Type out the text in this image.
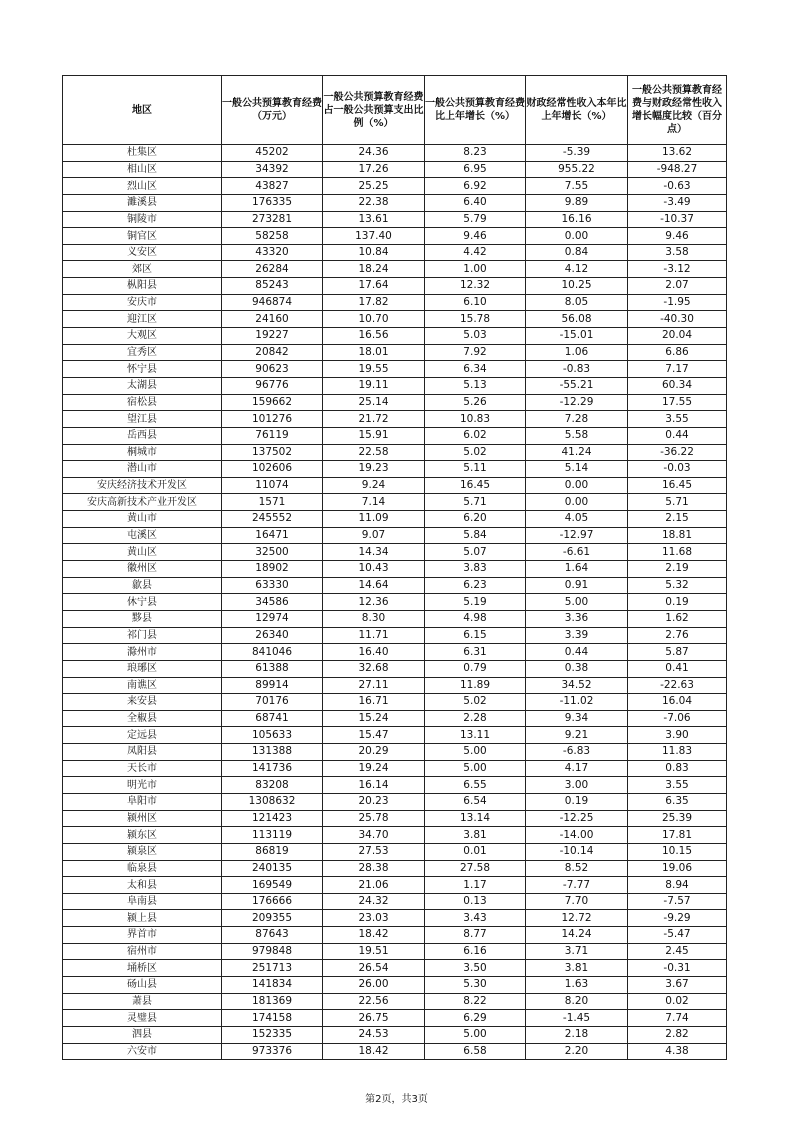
地区	一般公共预算教育经费（万元）	一般公共预算教育经费占一般公共预算支出比例（%）	一般公共预算教育经费比上年增长（%）	财政经常性收入本年比上年增长（%）	一般公共预算教育经费与财政经常性收入增长幅度比较（百分点）
杜集区	45202	24.36	8.23	-5.39	13.62
相山区	34392	17.26	6.95	955.22	-948.27
烈山区	43827	25.25	6.92	7.55	-0.63
濉溪县	176335	22.38	6.40	9.89	-3.49
铜陵市	273281	13.61	5.79	16.16	-10.37
铜官区	58258	137.40	9.46	0.00	9.46
义安区	43320	10.84	4.42	0.84	3.58
郊区	26284	18.24	1.00	4.12	-3.12
枞阳县	85243	17.64	12.32	10.25	2.07
安庆市	946874	17.82	6.10	8.05	-1.95
迎江区	24160	10.70	15.78	56.08	-40.30
大观区	19227	16.56	5.03	-15.01	20.04
宜秀区	20842	18.01	7.92	1.06	6.86
怀宁县	90623	19.55	6.34	-0.83	7.17
太湖县	96776	19.11	5.13	-55.21	60.34
宿松县	159662	25.14	5.26	-12.29	17.55
望江县	101276	21.72	10.83	7.28	3.55
岳西县	76119	15.91	6.02	5.58	0.44
桐城市	137502	22.58	5.02	41.24	-36.22
潜山市	102606	19.23	5.11	5.14	-0.03
安庆经济技术开发区	11074	9.24	16.45	0.00	16.45
安庆高新技术产业开发区	1571	7.14	5.71	0.00	5.71
黄山市	245552	11.09	6.20	4.05	2.15
屯溪区	16471	9.07	5.84	-12.97	18.81
黄山区	32500	14.34	5.07	-6.61	11.68
徽州区	18902	10.43	3.83	1.64	2.19
歙县	63330	14.64	6.23	0.91	5.32
休宁县	34586	12.36	5.19	5.00	0.19
黟县	12974	8.30	4.98	3.36	1.62
祁门县	26340	11.71	6.15	3.39	2.76
滁州市	841046	16.40	6.31	0.44	5.87
琅琊区	61388	32.68	0.79	0.38	0.41
南谯区	89914	27.11	11.89	34.52	-22.63
来安县	70176	16.71	5.02	-11.02	16.04
全椒县	68741	15.24	2.28	9.34	-7.06
定远县	105633	15.47	13.11	9.21	3.90
凤阳县	131388	20.29	5.00	-6.83	11.83
天长市	141736	19.24	5.00	4.17	0.83
明光市	83208	16.14	6.55	3.00	3.55
阜阳市	1308632	20.23	6.54	0.19	6.35
颍州区	121423	25.78	13.14	-12.25	25.39
颍东区	113119	34.70	3.81	-14.00	17.81
颍泉区	86819	27.53	0.01	-10.14	10.15
临泉县	240135	28.38	27.58	8.52	19.06
太和县	169549	21.06	1.17	-7.77	8.94
阜南县	176666	24.32	0.13	7.70	-7.57
颍上县	209355	23.03	3.43	12.72	-9.29
界首市	87643	18.42	8.77	14.24	-5.47
宿州市	979848	19.51	6.16	3.71	2.45
埇桥区	251713	26.54	3.50	3.81	-0.31
砀山县	141834	26.00	5.30	1.63	3.67
萧县	181369	22.56	8.22	8.20	0.02
灵璧县	174158	26.75	6.29	-1.45	7.74
泗县	152335	24.53	5.00	2.18	2.82
六安市	973376	18.42	6.58	2.20	4.38
第2页，共3页
